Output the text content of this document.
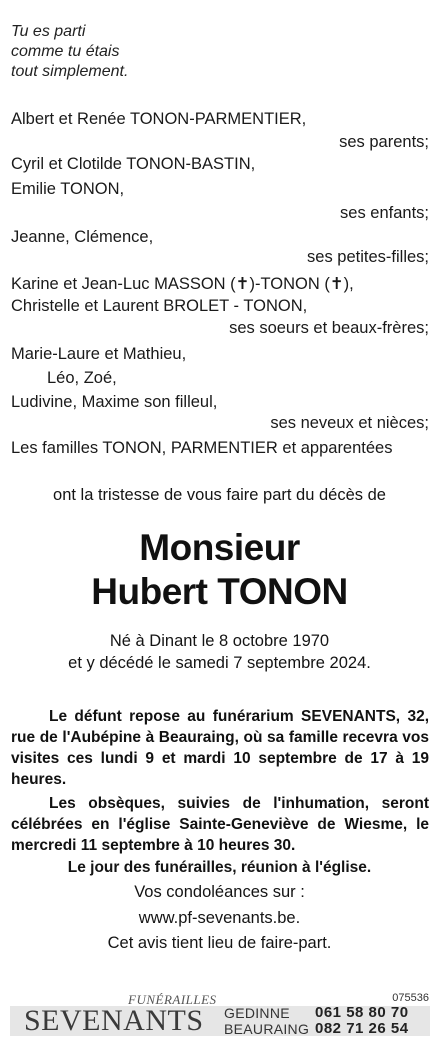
Tu es parti
comme tu étais
tout simplement.
Albert et Renée TONON-PARMENTIER,
ses parents;
Cyril et Clotilde TONON-BASTIN,
Emilie TONON,
ses enfants;
Jeanne, Clémence,
ses petites-filles;
Karine et Jean-Luc MASSON (✝)-TONON (✝),
Christelle et Laurent BROLET - TONON,
ses soeurs et beaux-frères;
Marie-Laure et Mathieu,
Léo, Zoé,
Ludivine, Maxime son filleul,
ses neveux et nièces;
Les familles TONON, PARMENTIER et apparentées
ont la tristesse de vous faire part du décès de
Monsieur
Hubert TONON
Né à Dinant le 8 octobre 1970
et y décédé le samedi 7 septembre 2024.
Le défunt repose au funérarium SEVENANTS, 32, rue de l'Aubépine à Beauraing, où sa famille recevra vos visites ces lundi 9 et mardi 10 septembre de 17 à 19 heures.
Les obsèques, suivies de l'inhumation, seront célébrées en l'église Sainte-Geneviève de Wiesme, le mercredi 11 septembre à 10 heures 30.
Le jour des funérailles, réunion à l'église.
Vos condoléances sur :
www.pf-sevenants.be.
Cet avis tient lieu de faire-part.
075536
FUNÉRAILLES
SEVENANTS GEDINNE 061 58 80 70
BEAURAING 082 71 26 54
